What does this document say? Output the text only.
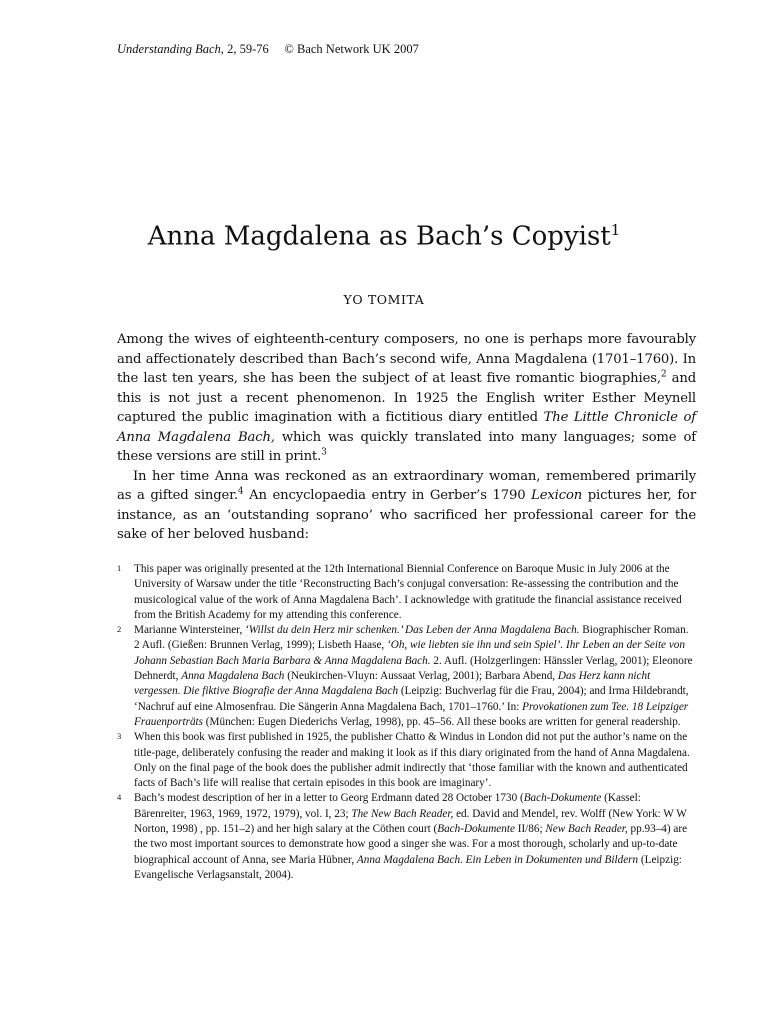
Understanding Bach, 2, 59-76 © Bach Network UK 2007
Anna Magdalena as Bach’s Copyist$^1$
YO TOMITA

Among the wives of eighteenth-century composers, no one is perhaps more favourably and affectionately described than Bach’s second wife, Anna Magdalena (1701–1760). In the last ten years, she has been the subject of at least five romantic biographies,$^2$ and this is not just a recent phenomenon. In 1925 the English writer Esther Meynell captured the public imagination with a fictitious diary entitled The Little Chronicle of Anna Magdalena Bach, which was quickly translated into many languages; some of these versions are still in print.$^3$

In her time Anna was reckoned as an extraordinary woman, remembered primarily as a gifted singer.$^4$ An encyclopaedia entry in Gerber’s 1790 Lexicon pictures her, for instance, as an ‘outstanding soprano’ who sacrificed her professional career for the sake of her beloved husband:

1 This paper was originally presented at the 12th International Biennial Conference on Baroque Music in July 2006 at the University of Warsaw under the title ‘Reconstructing Bach’s conjugal conversation: Re-assessing the contribution and the musicological value of the work of Anna Magdalena Bach’. I acknowledge with gratitude the financial assistance received from the British Academy for my attending this conference.

2 Marianne Wintersteiner, ‘Willst du dein Herz mir schenken.’ Das Leben der Anna Magdalena Bach. Biographischer Roman. 2 Aufl. (Gießen: Brunnen Verlag, 1999); Lisbeth Haase, ‘Oh, wie liebten sie ihn und sein Spiel’. Ihr Leben an der Seite von Johann Sebastian Bach Maria Barbara & Anna Magdalena Bach. 2. Aufl. (Holzgerlingen: Hänssler Verlag, 2001); Eleonore Dehnerdt, Anna Magdalena Bach (Neukirchen-Vluyn: Aussaat Verlag, 2001); Barbara Abend, Das Herz kann nicht vergessen. Die fiktive Biografie der Anna Magdalena Bach (Leipzig: Buchverlag für die Frau, 2004); and Irma Hildebrandt, ‘Nachruf auf eine Almosenfrau. Die Sängerin Anna Magdalena Bach, 1701–1760.’ In: Provokationen zum Tee. 18 Leipziger Frauenporträts (München: Eugen Diederichs Verlag, 1998), pp. 45–56. All these books are written for general readership.

3 When this book was first published in 1925, the publisher Chatto & Windus in London did not put the author’s name on the title-page, deliberately confusing the reader and making it look as if this diary originated from the hand of Anna Magdalena. Only on the final page of the book does the publisher admit indirectly that ‘those familiar with the known and authenticated facts of Bach’s life will realise that certain episodes in this book are imaginary’.

4 Bach’s modest description of her in a letter to Georg Erdmann dated 28 October 1730 (Bach-Dokumente (Kassel: Bärenreiter, 1963, 1969, 1972, 1979), vol. I, 23; The New Bach Reader, ed. David and Mendel, rev. Wolff (New York: W W Norton, 1998) , pp. 151–2) and her high salary at the Cöthen court (Bach-Dokumente II/86; New Bach Reader, pp.93–4) are the two most important sources to demonstrate how good a singer she was. For a most thorough, scholarly and up-to-date biographical account of Anna, see Maria Hübner, Anna Magdalena Bach. Ein Leben in Dokumenten und Bildern (Leipzig: Evangelische Verlagsanstalt, 2004).
